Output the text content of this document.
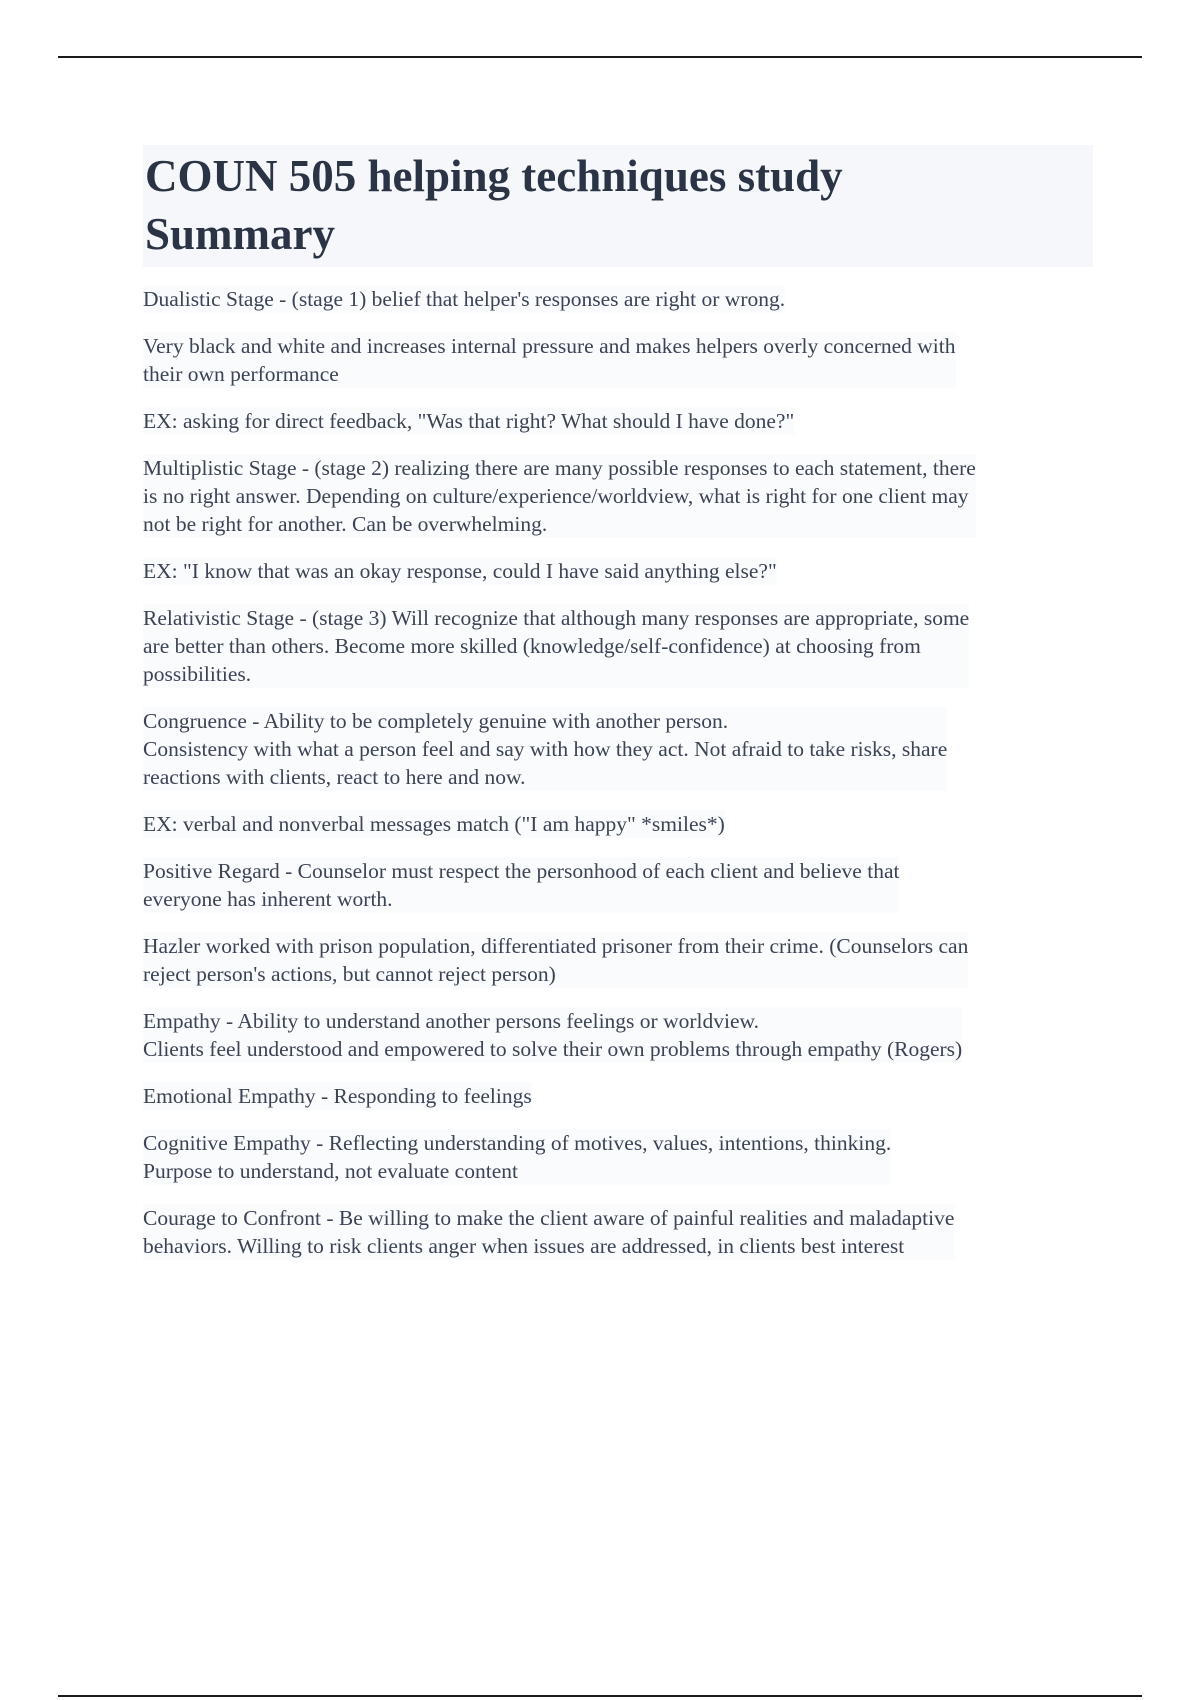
COUN 505 helping techniques study
Summary

Dualistic Stage - (stage 1) belief that helper's responses are right or wrong.

Very black and white and increases internal pressure and makes helpers overly concerned with
their own performance

EX: asking for direct feedback, "Was that right? What should I have done?"

Multiplistic Stage - (stage 2) realizing there are many possible responses to each statement, there
is no right answer. Depending on culture/experience/worldview, what is right for one client may
not be right for another. Can be overwhelming.

EX: "I know that was an okay response, could I have said anything else?"

Relativistic Stage - (stage 3) Will recognize that although many responses are appropriate, some
are better than others. Become more skilled (knowledge/self-confidence) at choosing from
possibilities.

Congruence - Ability to be completely genuine with another person.
Consistency with what a person feel and say with how they act. Not afraid to take risks, share
reactions with clients, react to here and now.

EX: verbal and nonverbal messages match ("I am happy" *smiles*)

Positive Regard - Counselor must respect the personhood of each client and believe that
everyone has inherent worth.

Hazler worked with prison population, differentiated prisoner from their crime. (Counselors can
reject person's actions, but cannot reject person)

Empathy - Ability to understand another persons feelings or worldview.
Clients feel understood and empowered to solve their own problems through empathy (Rogers)

Emotional Empathy - Responding to feelings

Cognitive Empathy - Reflecting understanding of motives, values, intentions, thinking.
Purpose to understand, not evaluate content

Courage to Confront - Be willing to make the client aware of painful realities and maladaptive
behaviors. Willing to risk clients anger when issues are addressed, in clients best interest
